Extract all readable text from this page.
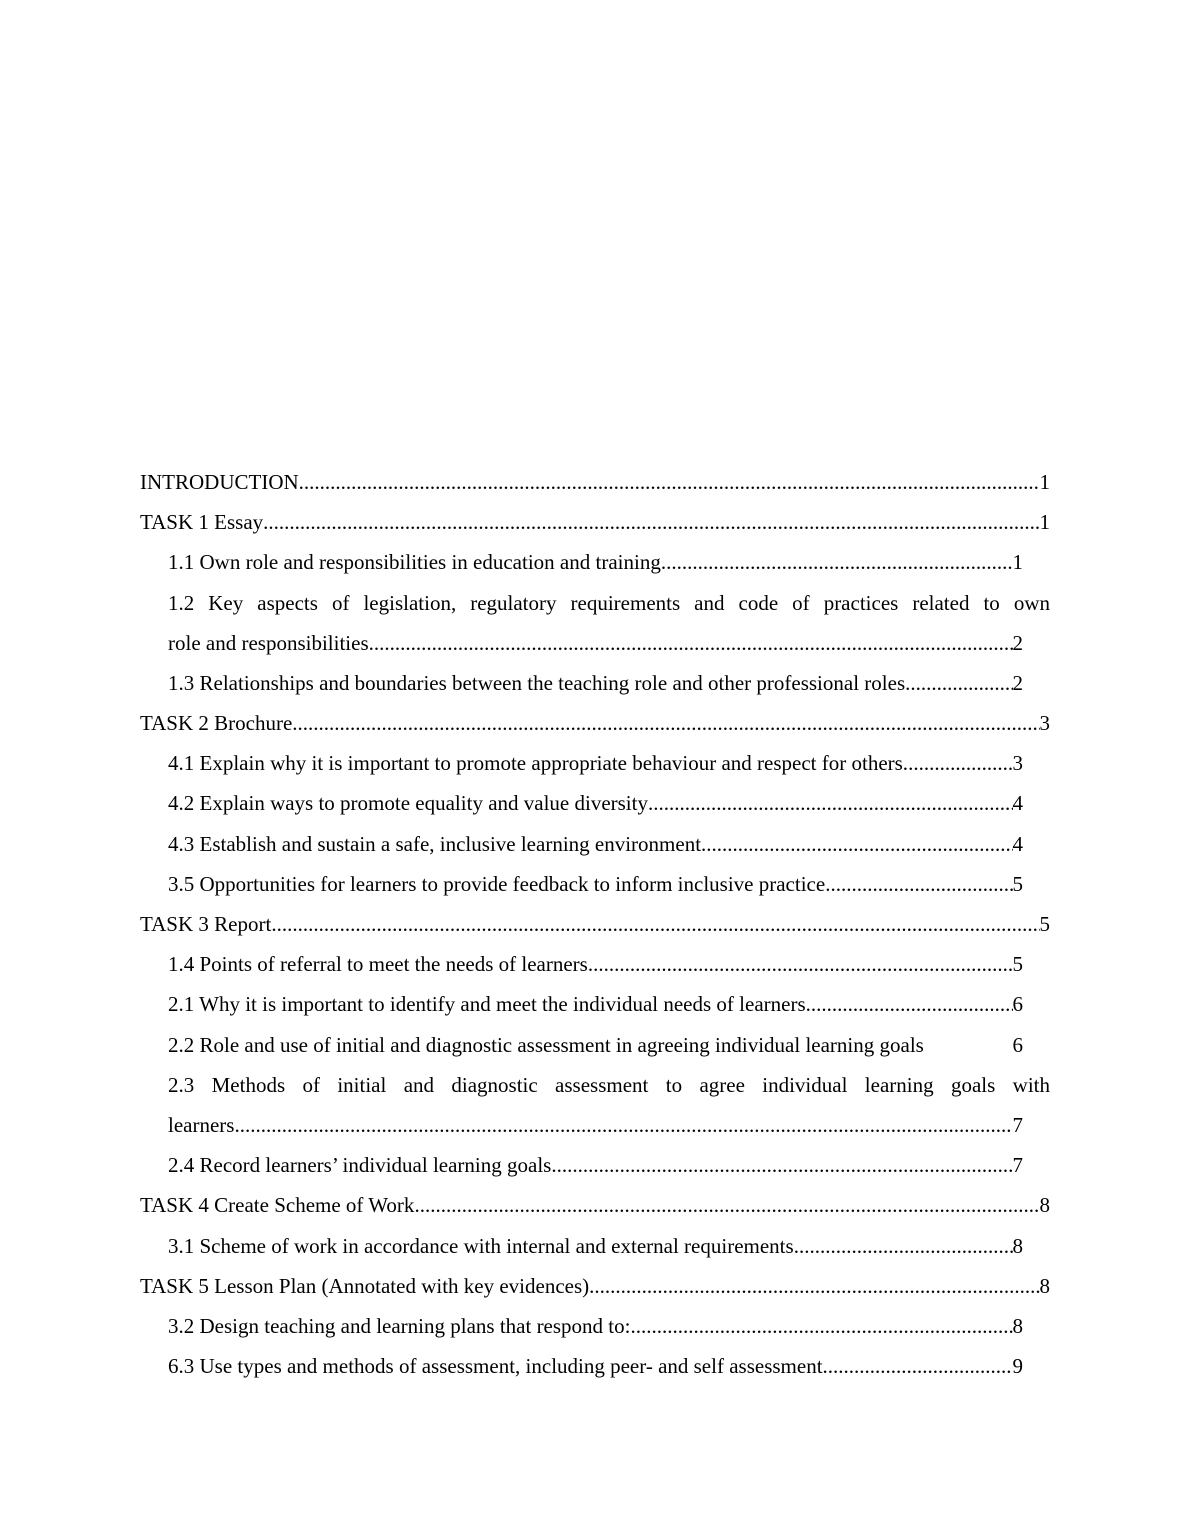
INTRODUCTION .....	1
TASK 1 Essay .....	1
1.1 Own role and responsibilities in education and training .....	1
1.2 Key aspects of legislation, regulatory requirements and code of practices related to own
role and responsibilities .....	2
1.3 Relationships and boundaries between the teaching role and other professional roles .....	2
TASK 2 Brochure .....	3
4.1 Explain why it is important to promote appropriate behaviour and respect for others. .....	3
4.2 Explain ways to promote equality and value diversity .....	4
4.3 Establish and sustain a safe, inclusive learning environment .....	4
3.5 Opportunities for learners to provide feedback to inform inclusive practice .....	5
TASK 3 Report .....	5
1.4 Points of referral to meet the needs of learners .....	5
2.1 Why it is important to identify and meet the individual needs of learners .....	6
2.2 Role and use of initial and diagnostic assessment in agreeing individual learning goals	6
2.3 Methods of initial and diagnostic assessment to agree individual learning goals with
learners .....	7
2.4 Record learners’ individual learning goals .....	7
TASK 4 Create Scheme of Work .....	8
3.1 Scheme of work in accordance with internal and external requirements .....	8
TASK 5 Lesson Plan (Annotated with key evidences) .....	8
3.2 Design teaching and learning plans that respond to: .....	8
6.3 Use types and methods of assessment, including peer- and self assessment .....	9
